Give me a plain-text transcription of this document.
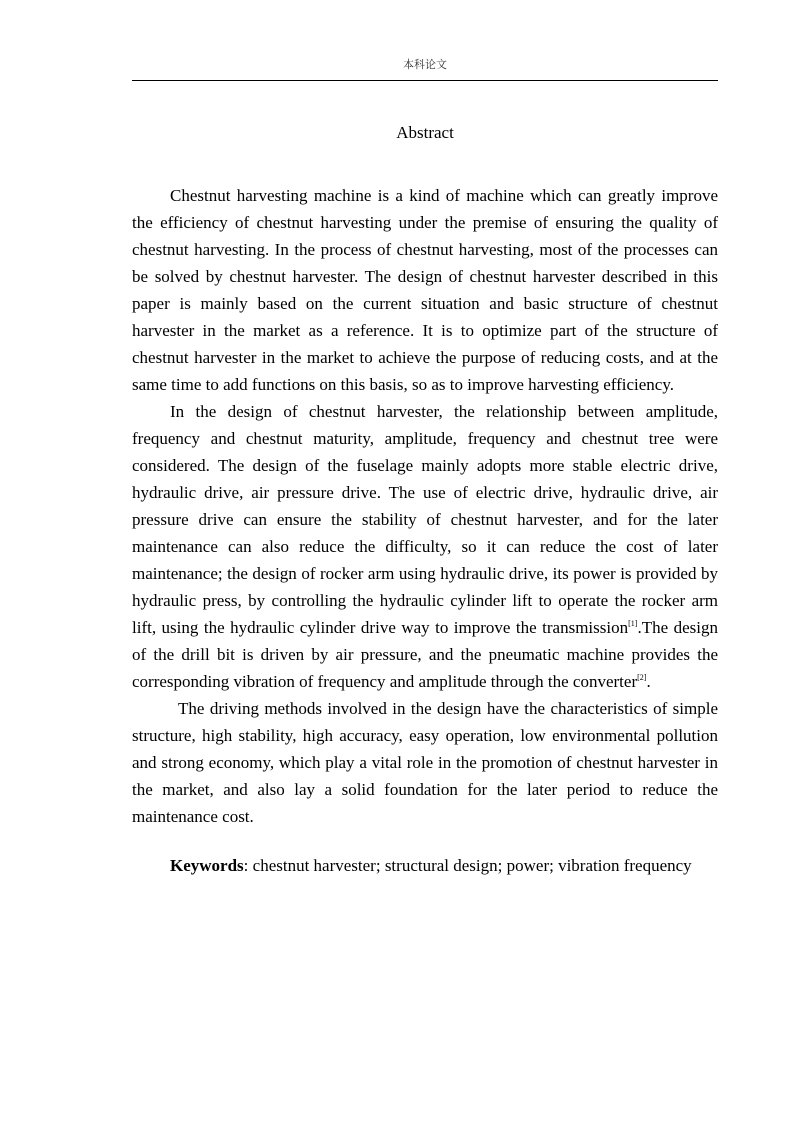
本科论文
Abstract

Chestnut harvesting machine is a kind of machine which can greatly improve the efficiency of chestnut harvesting under the premise of ensuring the quality of chestnut harvesting. In the process of chestnut harvesting, most of the processes can be solved by chestnut harvester. The design of chestnut harvester described in this paper is mainly based on the current situation and basic structure of chestnut harvester in the market as a reference. It is to optimize part of the structure of chestnut harvester in the market to achieve the purpose of reducing costs, and at the same time to add functions on this basis, so as to improve harvesting efficiency.

In the design of chestnut harvester, the relationship between amplitude, frequency and chestnut maturity, amplitude, frequency and chestnut tree were considered. The design of the fuselage mainly adopts more stable electric drive, hydraulic drive, air pressure drive. The use of electric drive, hydraulic drive, air pressure drive can ensure the stability of chestnut harvester, and for the later maintenance can also reduce the difficulty, so it can reduce the cost of later maintenance; the design of rocker arm using hydraulic drive, its power is provided by hydraulic press, by controlling the hydraulic cylinder lift to operate the rocker arm lift, using the hydraulic cylinder drive way to improve the transmission[1].The design of the drill bit is driven by air pressure, and the pneumatic machine provides the corresponding vibration of frequency and amplitude through the converter[2].

The driving methods involved in the design have the characteristics of simple structure, high stability, high accuracy, easy operation, low environmental pollution and strong economy, which play a vital role in the promotion of chestnut harvester in the market, and also lay a solid foundation for the later period to reduce the maintenance cost.

Keywords: chestnut harvester; structural design; power; vibration frequency
